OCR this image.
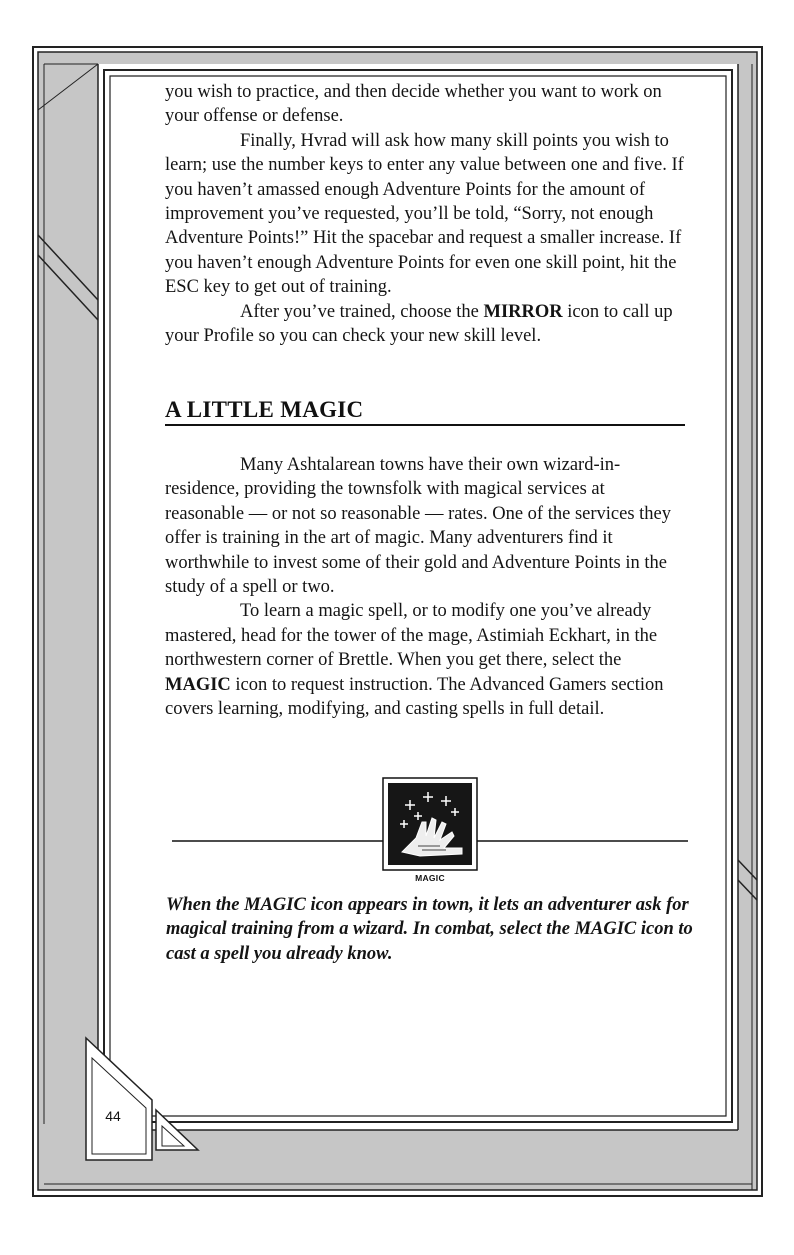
you wish to practice, and then decide whether you want to work on your offense or defense.

Finally, Hvrad will ask how many skill points you wish to learn; use the number keys to enter any value between one and five. If you haven’t amassed enough Adventure Points for the amount of improvement you’ve requested, you’ll be told, “Sorry, not enough Adventure Points!” Hit the spacebar and request a smaller increase. If you haven’t enough Adventure Points for even one skill point, hit the ESC key to get out of training.

After you’ve trained, choose the MIRROR icon to call up your Profile so you can check your new skill level.

A LITTLE MAGIC

Many Ashtalarean towns have their own wizard-in-residence, providing the townsfolk with magical services at reasonable — or not so reasonable — rates. One of the services they offer is training in the art of magic. Many adventurers find it worthwhile to invest some of their gold and Adventure Points in the study of a spell or two.

To learn a magic spell, or to modify one you’ve already mastered, head for the tower of the mage, Astimiah Eckhart, in the northwestern corner of Brettle. When you get there, select the MAGIC icon to request instruction. The Advanced Gamers section covers learning, modifying, and casting spells in full detail.

MAGIC
When the MAGIC icon appears in town, it lets an adventurer ask for magical training from a wizard. In combat, select the MAGIC icon to cast a spell you already know.
44
